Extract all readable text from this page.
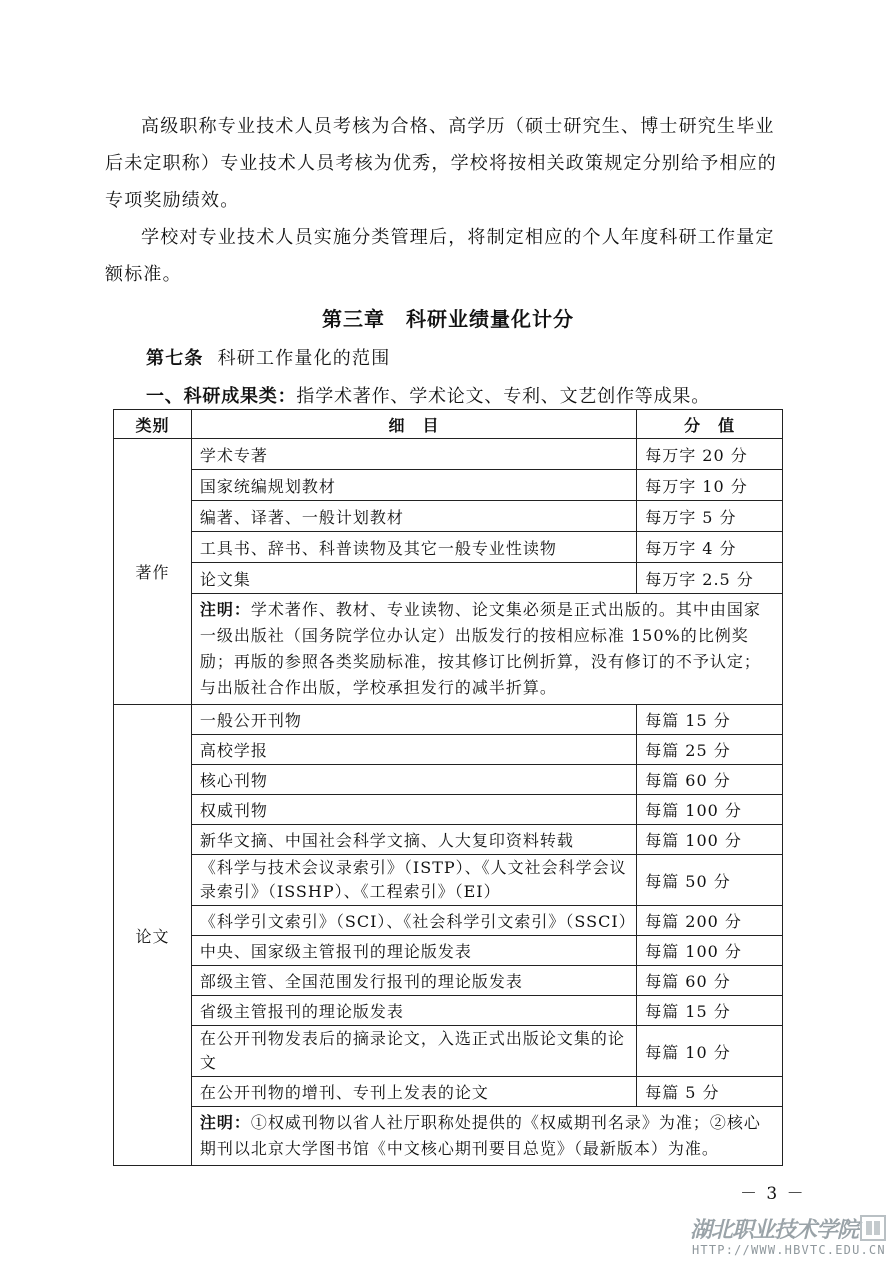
高级职称专业技术人员考核为合格、高学历（硕士研究生、博士研究生毕业后未定职称）专业技术人员考核为优秀，学校将按相关政策规定分别给予相应的专项奖励绩效。

学校对专业技术人员实施分类管理后，将制定相应的个人年度科研工作量定额标准。

第三章　科研业绩量化计分
第七条 科研工作量化的范围
一、科研成果类：指学术著作、学术论文、专利、文艺创作等成果。
类别	细　目	分　值
著作	学术专著	每万字 20 分
	国家统编规划教材	每万字 10 分
	编著、译著、一般计划教材	每万字 5 分
	工具书、辞书、科普读物及其它一般专业性读物	每万字 4 分
	论文集	每万字 2.5 分
	注明：学术著作、教材、专业读物、论文集必须是正式出版的。其中由国家一级出版社（国务院学位办认定）出版发行的按相应标准 150%的比例奖励；再版的参照各类奖励标准，按其修订比例折算，没有修订的不予认定；与出版社合作出版，学校承担发行的减半折算。	
论文	一般公开刊物	每篇 15 分
	高校学报	每篇 25 分
	核心刊物	每篇 60 分
	权威刊物	每篇 100 分
	新华文摘、中国社会科学文摘、人大复印资料转载	每篇 100 分
	《科学与技术会议录索引》（ISTP）、《人文社会科学会议录索引》（ISSHP）、《工程索引》（EI）	每篇 50 分
	《科学引文索引》（SCI）、《社会科学引文索引》（SSCI）	每篇 200 分
	中央、国家级主管报刊的理论版发表	每篇 100 分
	部级主管、全国范围发行报刊的理论版发表	每篇 60 分
	省级主管报刊的理论版发表	每篇 15 分
	在公开刊物发表后的摘录论文，入选正式出版论文集的论文	每篇 10 分
	在公开刊物的增刊、专刊上发表的论文	每篇 5 分
	注明：①权威刊物以省人社厅职称处提供的《权威期刊名录》为准；②核心期刊以北京大学图书馆《中文核心期刊要目总览》（最新版本）为准。	
－ 3 －
湖北职业技术学院
HTTP://WWW.HBVTC.EDU.CN
